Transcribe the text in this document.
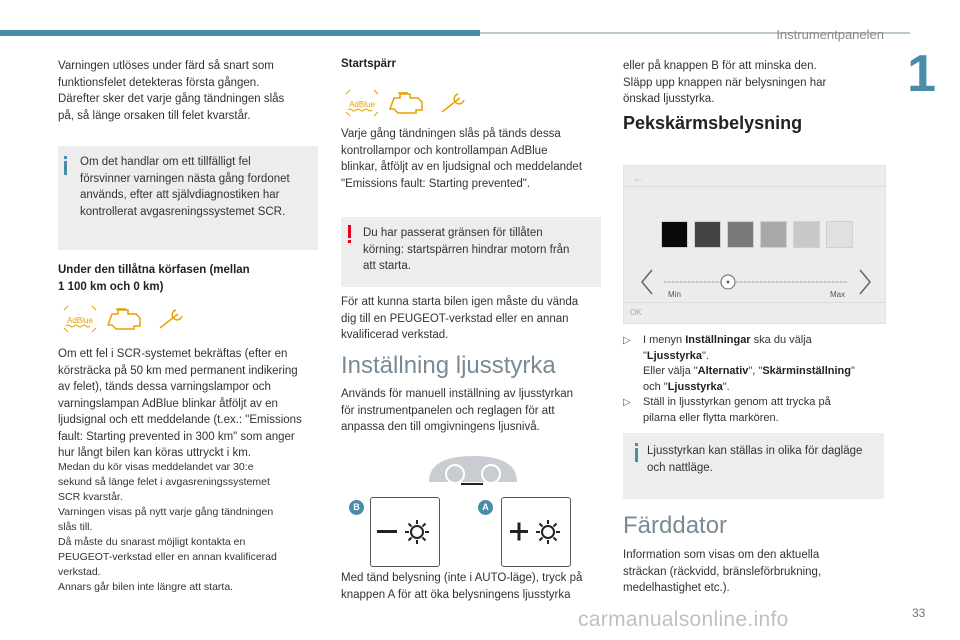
Instrumentpanelen
1

Varningen utlöses under färd så snart som

funktionsfelet detekteras första gången.

Därefter sker det varje gång tändningen slås

på, så länge orsaken till felet kvarstår.

Om det handlar om ett tillfälligt fel

försvinner varningen nästa gång fordonet

används, efter att självdiagnostiken har

kontrollerat avgasreningssystemet SCR.

Under den tillåtna körfasen (mellan

1 100 km och 0 km)

AdBlue

Om ett fel i SCR-systemet bekräftas (efter en

körsträcka på 50 km med permanent indikering

av felet), tänds dessa varningslampor och

varningslampan AdBlue blinkar åtföljt av en

ljudsignal och ett meddelande (t.ex.: "Emissions

fault: Starting prevented in 300 km" som anger

hur långt bilen kan köras uttryckt i km.

Medan du kör visas meddelandet var 30:e

sekund så länge felet i avgasreningssystemet

SCR kvarstår.

Varningen visas på nytt varje gång tändningen

slås till.

Då måste du snarast möjligt kontakta en

PEUGEOT-verkstad eller en annan kvalificerad

verkstad.

Annars går bilen inte längre att starta.

Startspärr
AdBlue

Varje gång tändningen slås på tänds dessa

kontrollampor och kontrollampan AdBlue

blinkar, åtföljt av en ljudsignal och meddelandet

"Emissions fault: Starting prevented".

Du har passerat gränsen för tillåten

körning: startspärren hindrar motorn från

att starta.

För att kunna starta bilen igen måste du vända

dig till en PEUGEOT-verkstad eller en annan

kvalificerad verkstad.

Inställning ljusstyrka

Används för manuell inställning av ljusstyrkan

för instrumentpanelen och reglagen för att

anpassa den till omgivningens ljusnivå.

B	A

Med tänd belysning (inte i AUTO-läge), tryck på

knappen A för att öka belysningens ljusstyrka

eller på knappen B för att minska den.

Släpp upp knappen när belysningen har

önskad ljusstyrka.

Pekskärmsbelysning
←
Min	Max
OK
▷ I menyn Inställningar ska du välja

"Ljusstyrka".

Eller välja "Alternativ", "Skärminställning"

och "Ljusstyrka".

▷ Ställ in ljusstyrkan genom att trycka på

pilarna eller flytta markören.

Ljusstyrkan kan ställas in olika för dagläge

och nattläge.

Färddator

Information som visas om den aktuella

sträckan (räckvidd, bränsleförbrukning,

medelhastighet etc.).

carmanualsonline.info	33
